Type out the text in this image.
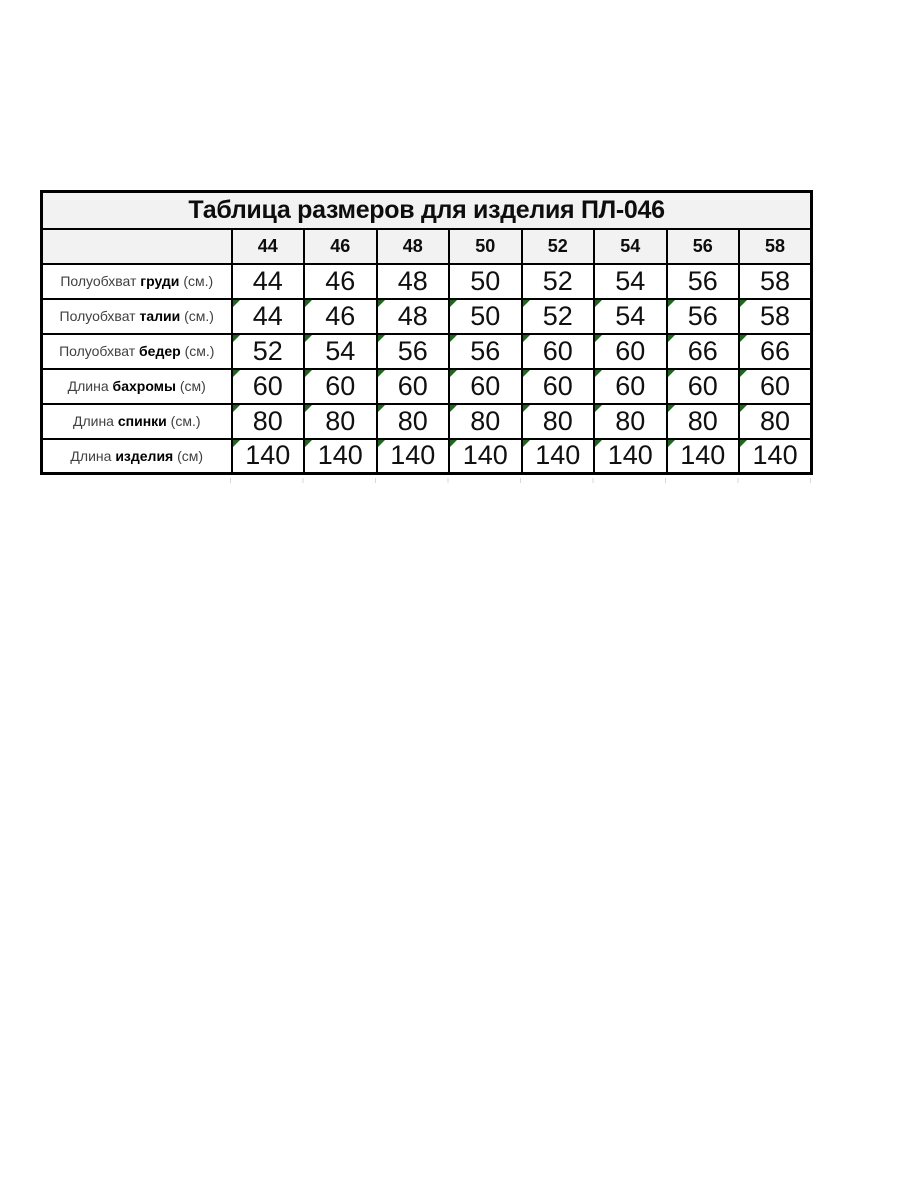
Таблица размеров для изделия ПЛ-046								
	44	46	48	50	52	54	56	58
Полуобхват груди (см.)	44	46	48	50	52	54	56	58
Полуобхват талии (см.)	44	46	48	50	52	54	56	58
Полуобхват бедер (см.)	52	54	56	56	60	60	66	66
Длина бахромы (см)	60	60	60	60	60	60	60	60
Длина спинки (см.)	80	80	80	80	80	80	80	80
Длина изделия (см)	140	140	140	140	140	140	140	140
